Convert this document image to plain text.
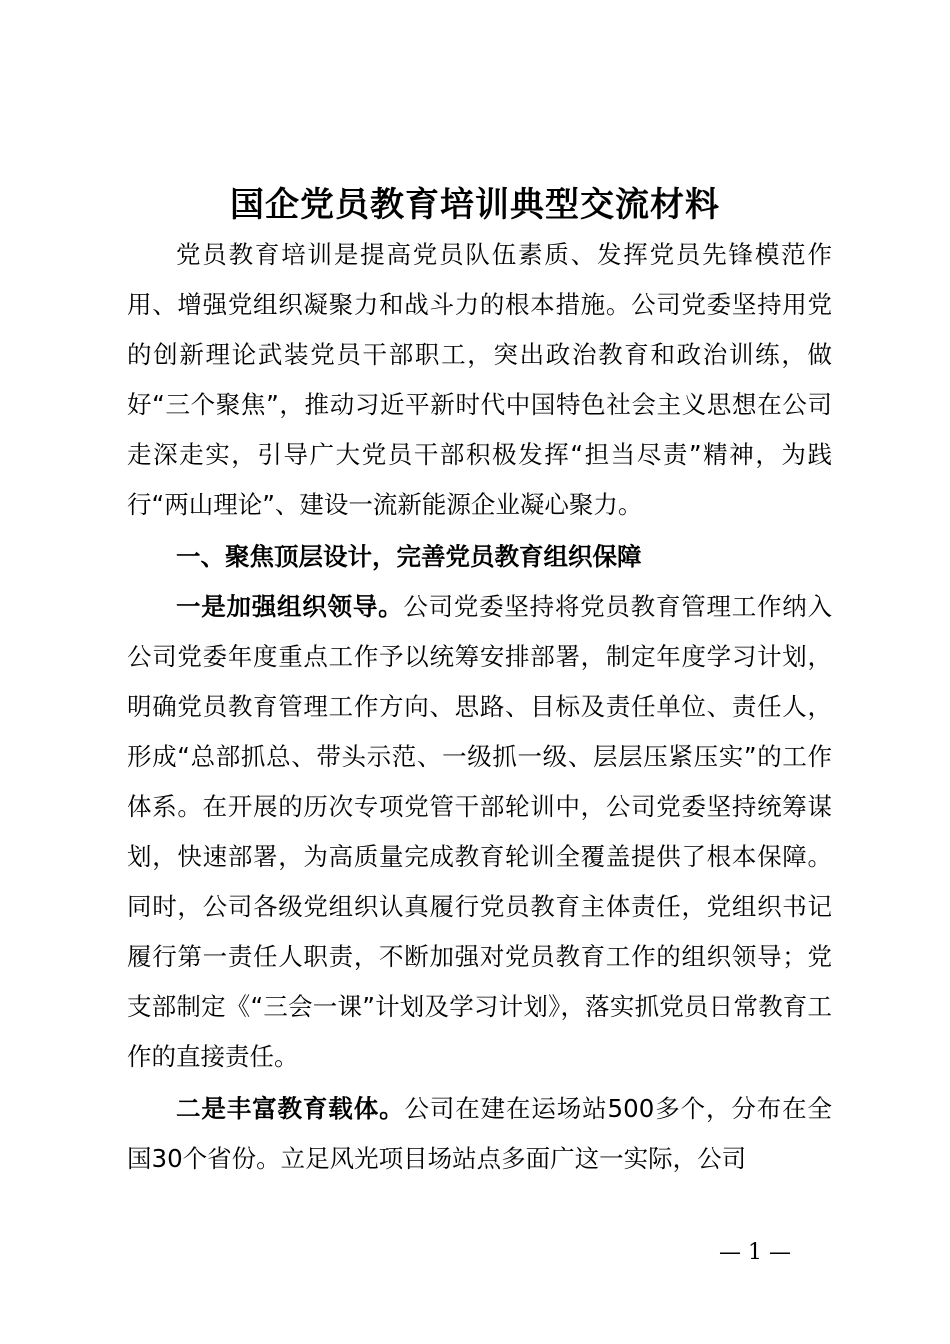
国企党员教育培训典型交流材料

党员教育培训是提高党员队伍素质、发挥党员先锋模范作用、增强党组织凝聚力和战斗力的根本措施。公司党委坚持用党的创新理论武装党员干部职工，突出政治教育和政治训练，做好“三个聚焦”，推动习近平新时代中国特色社会主义思想在公司走深走实，引导广大党员干部积极发挥“担当尽责”精神，为践行“两山理论”、建设一流新能源企业凝心聚力。

一、聚焦顶层设计，完善党员教育组织保障

一是加强组织领导。公司党委坚持将党员教育管理工作纳入公司党委年度重点工作予以统筹安排部署，制定年度学习计划，明确党员教育管理工作方向、思路、目标及责任单位、责任人，形成“总部抓总、带头示范、一级抓一级、层层压紧压实”的工作体系。在开展的历次专项党管干部轮训中，公司党委坚持统筹谋划，快速部署，为高质量完成教育轮训全覆盖提供了根本保障。同时，公司各级党组织认真履行党员教育主体责任，党组织书记履行第一责任人职责，不断加强对党员教育工作的组织领导；党支部制定《“三会一课”计划及学习计划》，落实抓党员日常教育工作的直接责任。

二是丰富教育载体。公司在建在运场站500多个，分布在全国30个省份。立足风光项目场站点多面广这一实际，公司

— 1 —
